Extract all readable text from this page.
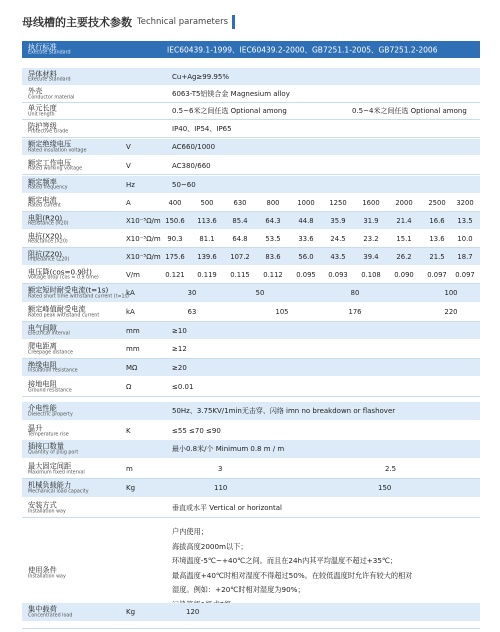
母线槽的主要技术参数 Technical parameters
执行标准
Execute Standard	IEC60439.1-1999、IEC60439.2-2000、GB7251.1-2005、GB7251.2-2006
导体材料
Execute Standard	Cu+Ag≥99.95%
外壳
Conductor material	6063-T5铝镁合金 Magnesium alloy
单元长度
Unit length	0.5~6米之间任选 Optional among	0.5~4米之间任选 Optional among
防护等级
Protective Grade	IP40、IP54、IP65
额定绝缘电压
Rated insulation voltage	V	AC660/1000
额定工作电压
Rated working voltage	V	AC380/660
额定频率
Rated frequency	Hz	50~60
额定电流
Rated current	A	400	500	630	800	1000	1250	1600	2000	2500	3200
电阻(R20)
Resistance (R20)	X10⁻⁵Ω/m 150.6	113.6	85.4	64.3	44.8	35.9	31.9	21.4	16.6	13.5
电抗(X20)
Reactance (X20)	X10⁻⁵Ω/m 90.3	81.1	64.8	53.5	33.6	24.5	23.2	15.1	13.6	10.0
阻抗(Z20)
Impedance (Z20)	X10⁻⁵Ω/m 175.6	139.6	107.2	83.6	56.0	43.5	39.4	26.2	21.5	18.7
电压降(cos=0.9时)
Voltage drop (cos = 0.9 time)	V/m	0.121	0.119	0.115	0.112	0.095	0.093	0.108	0.090	0.097	0.097
额定短时耐受电流(t=1s)
Rated short time withstand current (t=1s)
kA	30	50	80	100
额定峰值耐受电流
Rated peak withstand current	kA	63	105	176	220
电气间隙
Electrical interval	mm	≥10
爬电距离
Creepage distance	mm	≥12
绝缘电阻
Insulation resistance	MΩ	≥20
接地电阻
Ground resistance	Ω	≤0.01
介电性能
Dielectric property	50Hz、3.75KV/1min无击穿、闪络 imn no breakdown or flashover
温升
Temperature rise	K	≤55 ≤70 ≤90
插接口数量
Quantity of plug port	最小0.8米/个 Minimum 0.8 m / m
最大固定间距
Maximum fixed interval	m	3	2.5
机械负载能力
Mechanical load capacity	Kg	110	150
安装方式
Installation way	垂直或水平 Vertical or horizontal
使用条件
Installation way
户内使用；
海拔高度2000m以下；
环境温度-5℃~+40℃之间。而且在24h内其平均温度不超过+35℃；
最高温度+40℃时相对湿度不得超过50%。在较低温度时允许有较大的相对
湿度。例如：+20℃时相对湿度为90%；
集中载荷
Concentrated load	Kg	120
